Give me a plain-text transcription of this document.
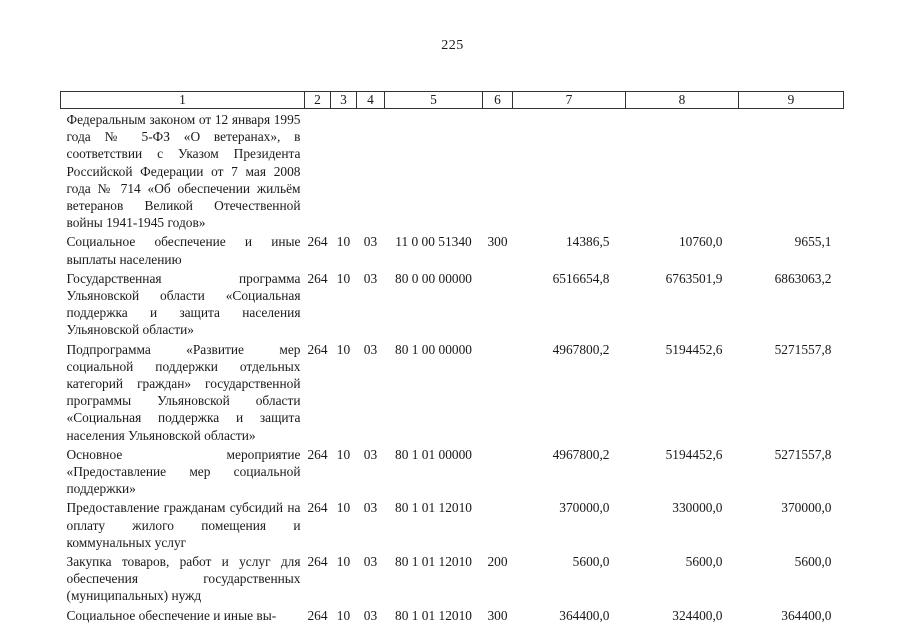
225
1	2	3	4	5	6	7	8	9
Федеральным законом от 12 января 1995 года № 5-ФЗ «О ветеранах», в соответствии с Указом Президента Российской Федерации от 7 мая 2008 года № 714 «Об обеспечении жильём ветеранов Великой Отечественной войны 1941-1945 годов»								
Социальное обеспечение и иные выплаты населению	264	10	03	11 0 00 51340	300	14386,5	10760,0	9655,1
Государственная программа Ульяновской области «Социальная поддержка и защита населения Ульяновской области»	264	10	03	80 0 00 00000		6516654,8	6763501,9	6863063,2
Подпрограмма «Развитие мер социальной поддержки отдельных категорий граждан» государственной программы Ульяновской области «Социальная поддержка и защита населения Ульяновской области»	264	10	03	80 1 00 00000		4967800,2	5194452,6	5271557,8
Основное мероприятие «Предоставление мер социальной поддержки»	264	10	03	80 1 01 00000		4967800,2	5194452,6	5271557,8
Предоставление гражданам субсидий на оплату жилого помещения и коммунальных услуг	264	10	03	80 1 01 12010		370000,0	330000,0	370000,0
Закупка товаров, работ и услуг для обеспечения государственных (муниципальных) нужд	264	10	03	80 1 01 12010	200	5600,0	5600,0	5600,0
Социальное обеспечение и иные вы-	264	10	03	80 1 01 12010	300	364400,0	324400,0	364400,0
